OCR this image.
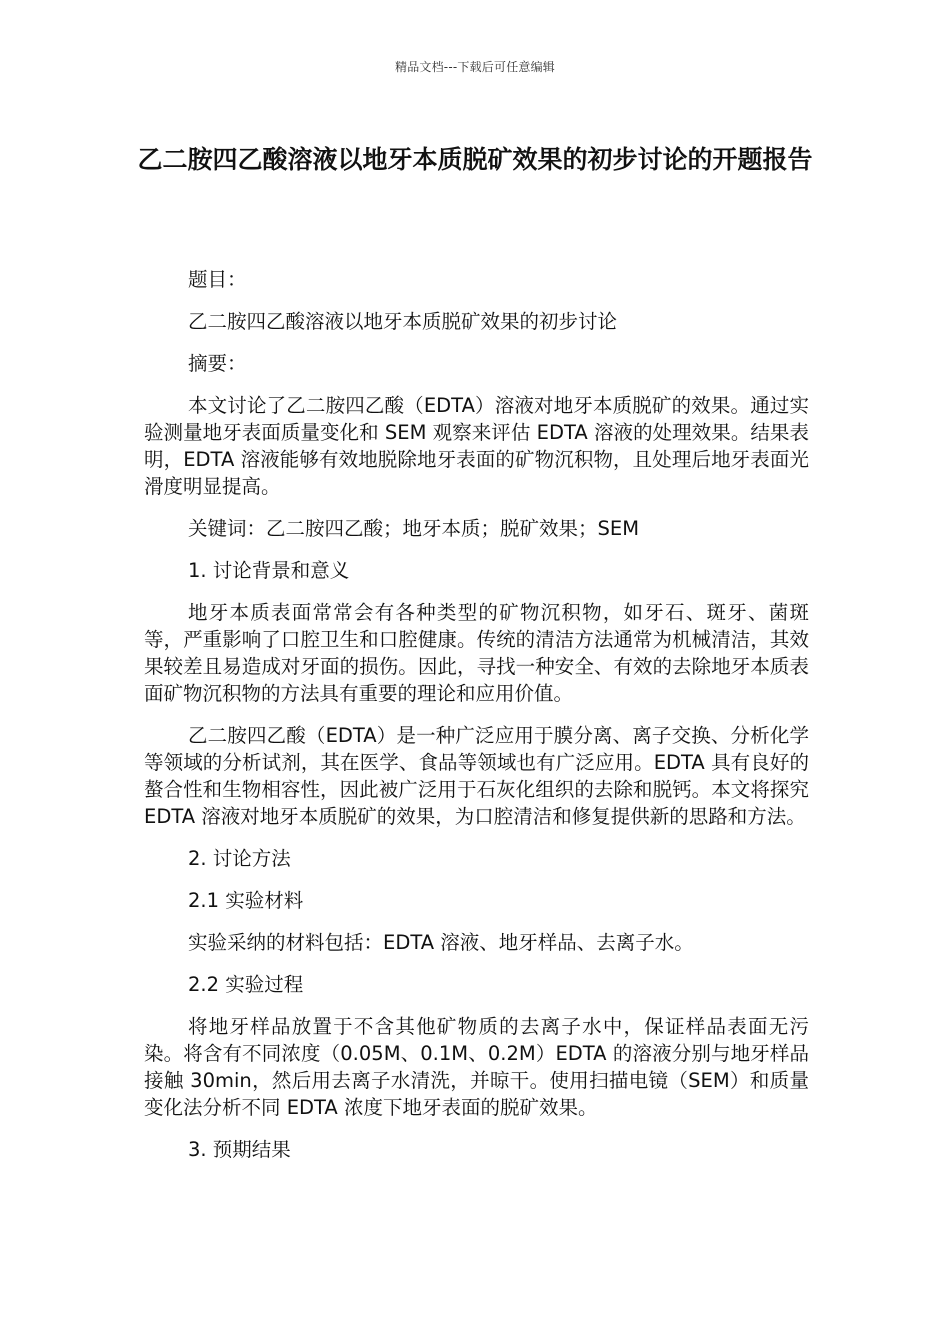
精品文档---下载后可任意编辑
乙二胺四乙酸溶液以地牙本质脱矿效果的初步讨论的开题报告

题目：

乙二胺四乙酸溶液以地牙本质脱矿效果的初步讨论

摘要：

本文讨论了乙二胺四乙酸（EDTA）溶液对地牙本质脱矿的效果。通过实验测量地牙表面质量变化和 SEM 观察来评估 EDTA 溶液的处理效果。结果表明，EDTA 溶液能够有效地脱除地牙表面的矿物沉积物，且处理后地牙表面光滑度明显提高。

关键词：乙二胺四乙酸；地牙本质；脱矿效果；SEM

1. 讨论背景和意义

地牙本质表面常常会有各种类型的矿物沉积物，如牙石、斑牙、菌斑等，严重影响了口腔卫生和口腔健康。传统的清洁方法通常为机械清洁，其效果较差且易造成对牙面的损伤。因此，寻找一种安全、有效的去除地牙本质表面矿物沉积物的方法具有重要的理论和应用价值。

乙二胺四乙酸（EDTA）是一种广泛应用于膜分离、离子交换、分析化学等领域的分析试剂，其在医学、食品等领域也有广泛应用。EDTA 具有良好的螯合性和生物相容性，因此被广泛用于石灰化组织的去除和脱钙。本文将探究 EDTA 溶液对地牙本质脱矿的效果，为口腔清洁和修复提供新的思路和方法。

2. 讨论方法

2.1 实验材料

实验采纳的材料包括：EDTA 溶液、地牙样品、去离子水。

2.2 实验过程

将地牙样品放置于不含其他矿物质的去离子水中，保证样品表面无污染。将含有不同浓度（0.05M、0.1M、0.2M）EDTA 的溶液分别与地牙样品接触 30min，然后用去离子水清洗，并晾干。使用扫描电镜（SEM）和质量变化法分析不同 EDTA 浓度下地牙表面的脱矿效果。

3. 预期结果
